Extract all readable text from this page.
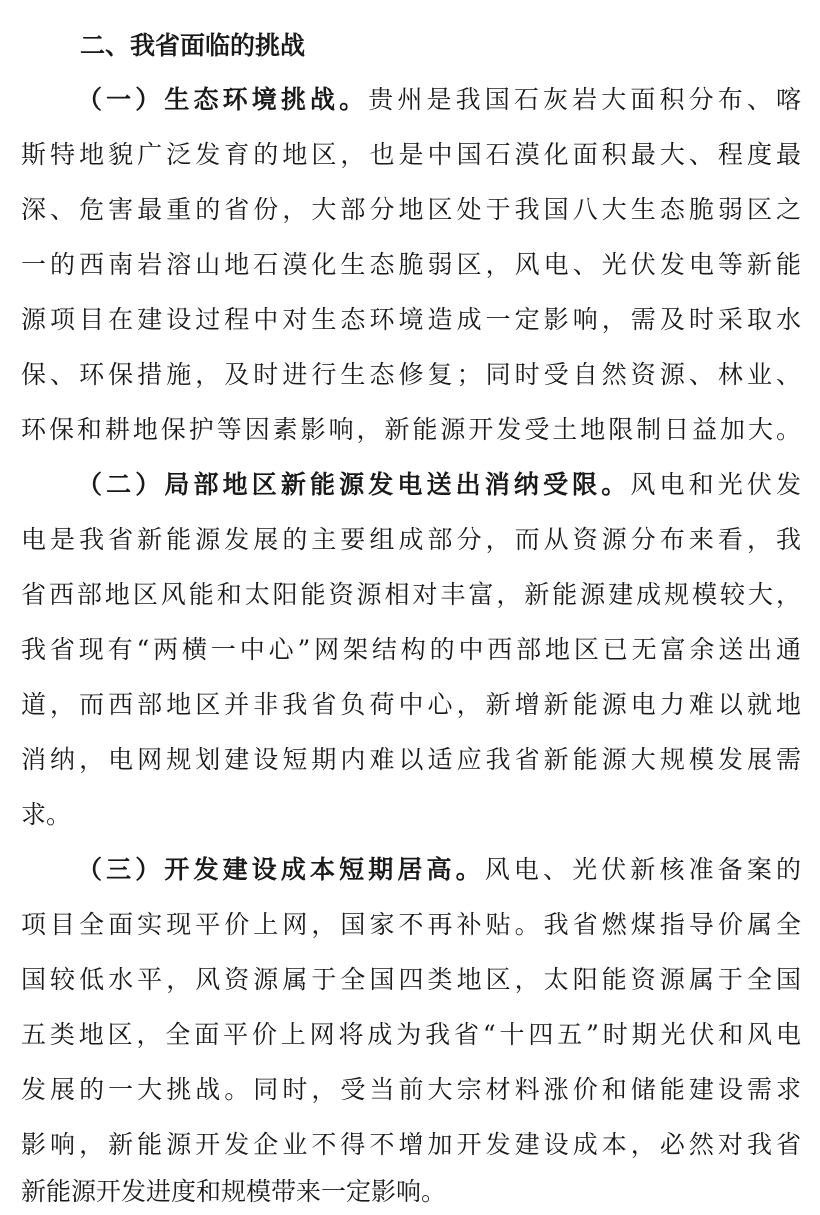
二、我省面临的挑战
（一）生态环境挑战。贵州是我国石灰岩大面积分布、喀
斯特地貌广泛发育的地区，也是中国石漠化面积最大、程度最
深、危害最重的省份，大部分地区处于我国八大生态脆弱区之
一的西南岩溶山地石漠化生态脆弱区，风电、光伏发电等新能
源项目在建设过程中对生态环境造成一定影响，需及时采取水
保、环保措施，及时进行生态修复；同时受自然资源、林业、
环保和耕地保护等因素影响，新能源开发受土地限制日益加大。
（二）局部地区新能源发电送出消纳受限。风电和光伏发
电是我省新能源发展的主要组成部分，而从资源分布来看，我
省西部地区风能和太阳能资源相对丰富，新能源建成规模较大，
我省现有“两横一中心”网架结构的中西部地区已无富余送出通
道，而西部地区并非我省负荷中心，新增新能源电力难以就地
消纳，电网规划建设短期内难以适应我省新能源大规模发展需
求。
（三）开发建设成本短期居高。风电、光伏新核准备案的
项目全面实现平价上网，国家不再补贴。我省燃煤指导价属全
国较低水平，风资源属于全国四类地区，太阳能资源属于全国
五类地区，全面平价上网将成为我省“十四五”时期光伏和风电
发展的一大挑战。同时，受当前大宗材料涨价和储能建设需求
影响，新能源开发企业不得不增加开发建设成本，必然对我省
新能源开发进度和规模带来一定影响。
